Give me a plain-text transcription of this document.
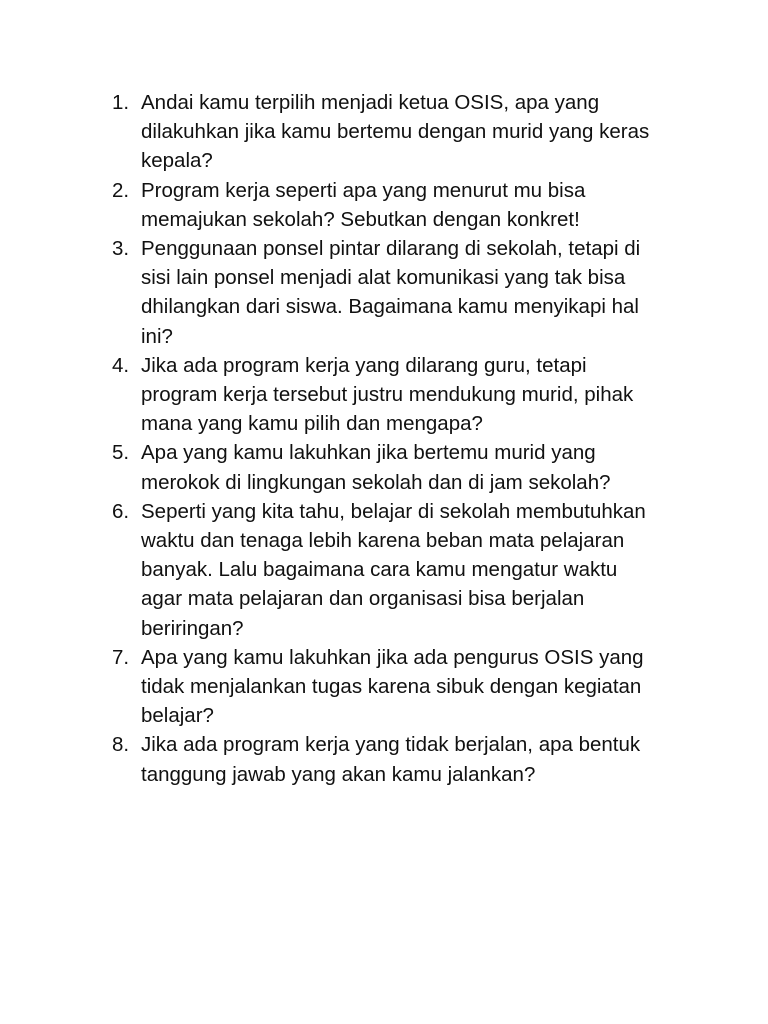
1. Andai kamu terpilih menjadi ketua OSIS, apa yang
dilakuhkan jika kamu bertemu dengan murid yang keras
kepala?
2. Program kerja seperti apa yang menurut mu bisa
memajukan sekolah? Sebutkan dengan konkret!
3. Penggunaan ponsel pintar dilarang di sekolah, tetapi di
sisi lain ponsel menjadi alat komunikasi yang tak bisa
dhilangkan dari siswa. Bagaimana kamu menyikapi hal
ini?
4. Jika ada program kerja yang dilarang guru, tetapi
program kerja tersebut justru mendukung murid, pihak
mana yang kamu pilih dan mengapa?
5. Apa yang kamu lakuhkan jika bertemu murid yang
merokok di lingkungan sekolah dan di jam sekolah?
6. Seperti yang kita tahu, belajar di sekolah membutuhkan
waktu dan tenaga lebih karena beban mata pelajaran
banyak. Lalu bagaimana cara kamu mengatur waktu
agar mata pelajaran dan organisasi bisa berjalan
beriringan?
7. Apa yang kamu lakuhkan jika ada pengurus OSIS yang
tidak menjalankan tugas karena sibuk dengan kegiatan
belajar?
8. Jika ada program kerja yang tidak berjalan, apa bentuk
tanggung jawab yang akan kamu jalankan?
